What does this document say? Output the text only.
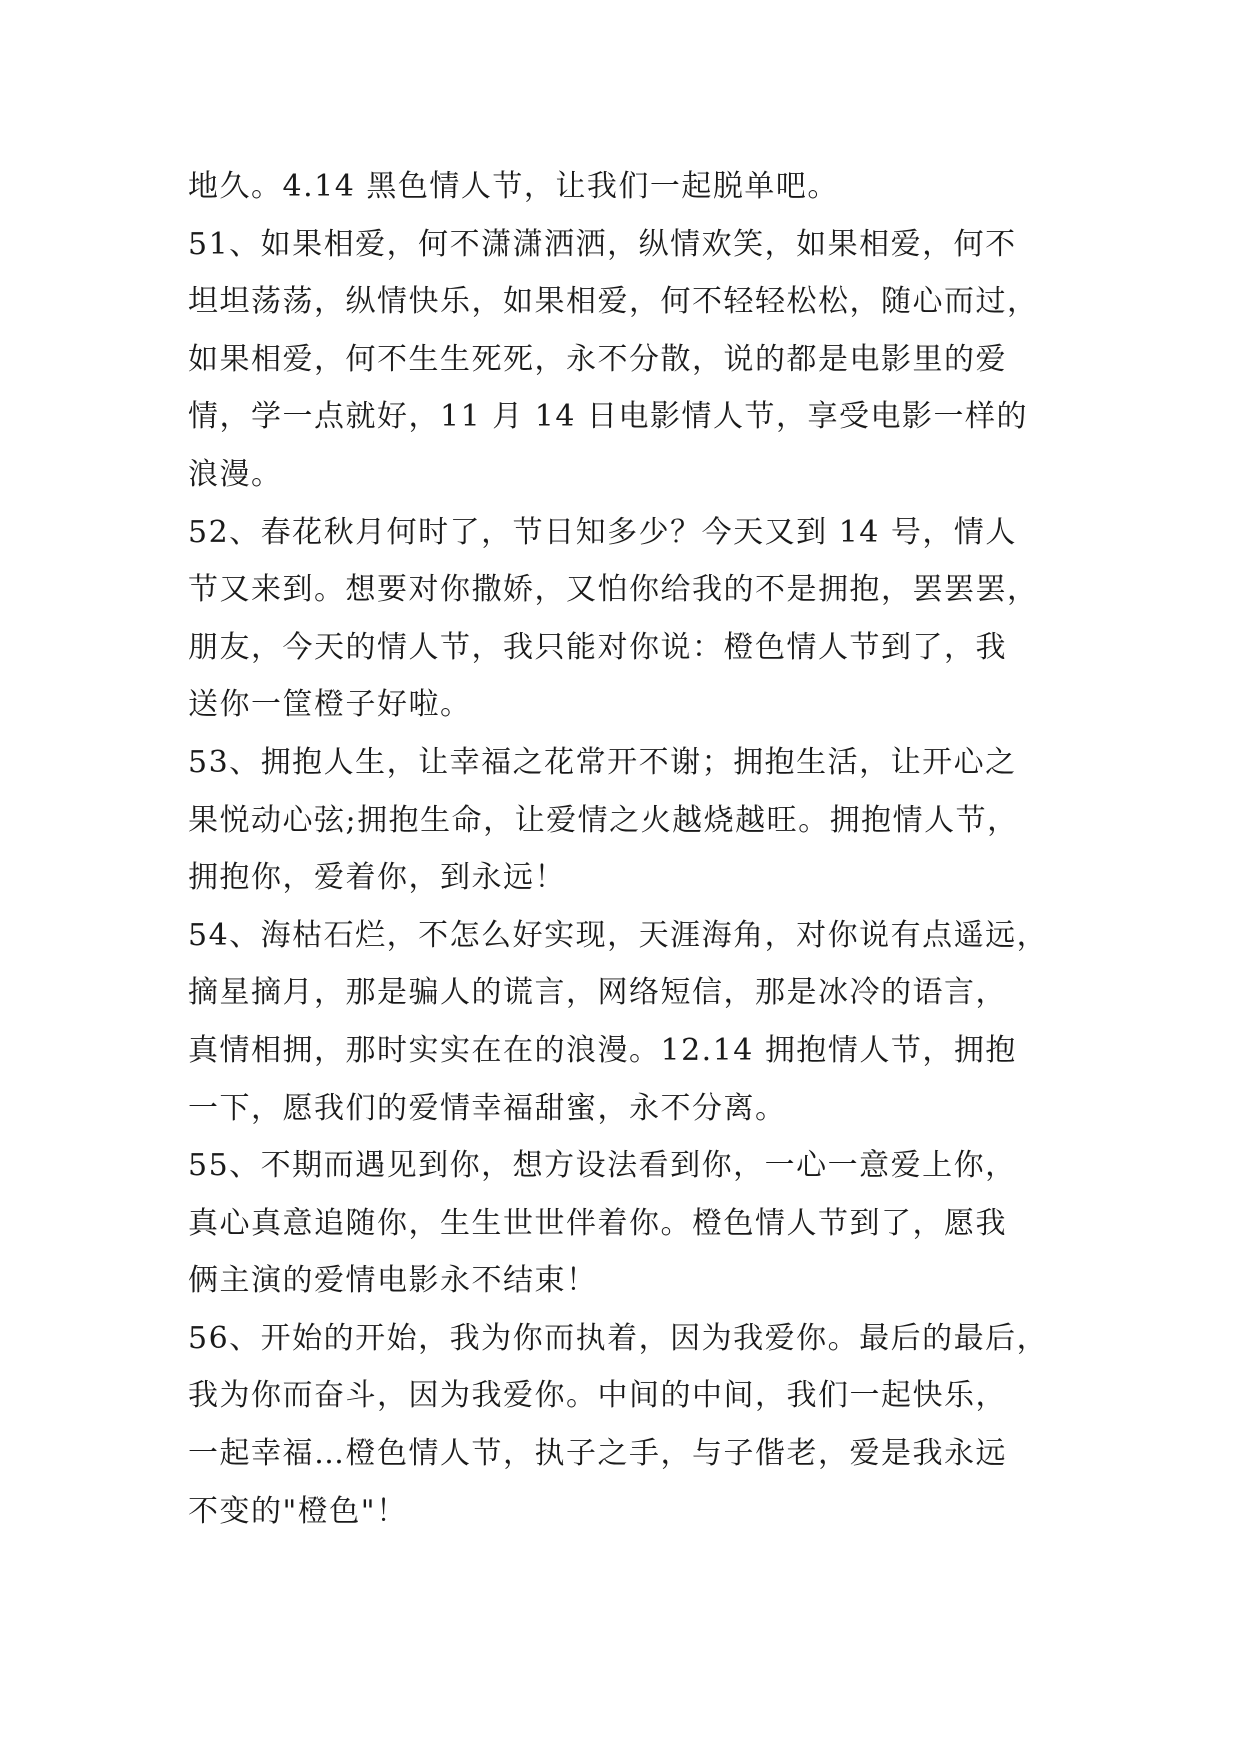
地久。4.14 黑色情人节，让我们一起脱单吧。
51、如果相爱，何不潇潇洒洒，纵情欢笑，如果相爱，何不
坦坦荡荡，纵情快乐，如果相爱，何不轻轻松松，随心而过，
如果相爱，何不生生死死，永不分散，说的都是电影里的爱
情，学一点就好，11 月 14 日电影情人节，享受电影一样的
浪漫。
52、春花秋月何时了，节日知多少？今天又到 14 号，情人
节又来到。想要对你撒娇，又怕你给我的不是拥抱，罢罢罢，
朋友，今天的情人节，我只能对你说：橙色情人节到了，我
送你一筐橙子好啦。
53、拥抱人生，让幸福之花常开不谢；拥抱生活，让开心之
果悦动心弦;拥抱生命，让爱情之火越烧越旺。拥抱情人节，
拥抱你，爱着你，到永远！
54、海枯石烂，不怎么好实现，天涯海角，对你说有点遥远，
摘星摘月，那是骗人的谎言，网络短信，那是冰冷的语言，
真情相拥，那时实实在在的浪漫。12.14 拥抱情人节，拥抱
一下，愿我们的爱情幸福甜蜜，永不分离。
55、不期而遇见到你，想方设法看到你，一心一意爱上你，
真心真意追随你，生生世世伴着你。橙色情人节到了，愿我
俩主演的爱情电影永不结束！
56、开始的开始，我为你而执着，因为我爱你。最后的最后，
我为你而奋斗，因为我爱你。中间的中间，我们一起快乐，
一起幸福…橙色情人节，执子之手，与子偕老，爱是我永远
不变的"橙色"！
